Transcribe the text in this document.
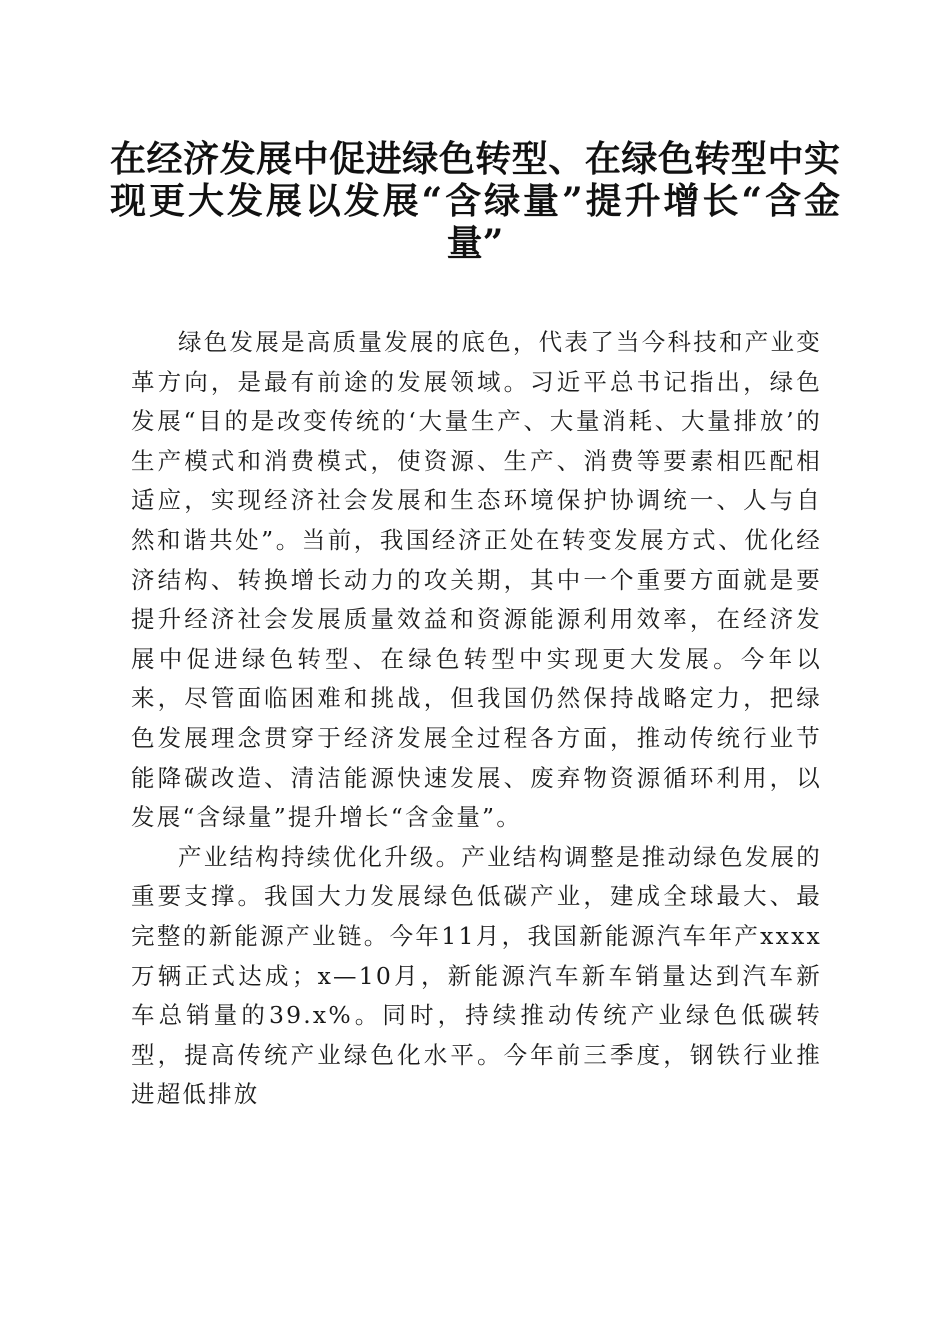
在经济发展中促进绿色转型、在绿色转型中实现更大发展以发展“含绿量”提升增长“含金量”

绿色发展是高质量发展的底色，代表了当今科技和产业变革方向，是最有前途的发展领域。习近平总书记指出，绿色发展“目的是改变传统的‘大量生产、大量消耗、大量排放’的生产模式和消费模式，使资源、生产、消费等要素相匹配相适应，实现经济社会发展和生态环境保护协调统一、人与自然和谐共处”。当前，我国经济正处在转变发展方式、优化经济结构、转换增长动力的攻关期，其中一个重要方面就是要提升经济社会发展质量效益和资源能源利用效率，在经济发展中促进绿色转型、在绿色转型中实现更大发展。今年以来，尽管面临困难和挑战，但我国仍然保持战略定力，把绿色发展理念贯穿于经济发展全过程各方面，推动传统行业节能降碳改造、清洁能源快速发展、废弃物资源循环利用，以发展“含绿量”提升增长“含金量”。

产业结构持续优化升级。产业结构调整是推动绿色发展的重要支撑。我国大力发展绿色低碳产业，建成全球最大、最完整的新能源产业链。今年11月，我国新能源汽车年产xxxx万辆正式达成；x—10月，新能源汽车新车销量达到汽车新车总销量的39.x%。同时，持续推动传统产业绿色低碳转型，提高传统产业绿色化水平。今年前三季度，钢铁行业推进超低排放
